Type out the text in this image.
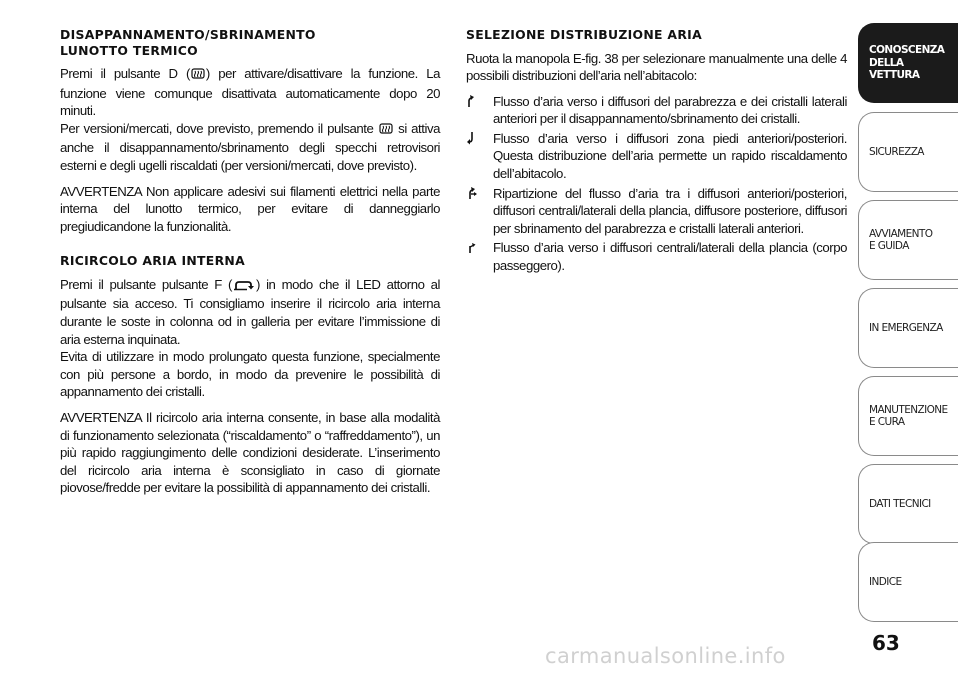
DISAPPANNAMENTO/SBRINAMENTO
LUNOTTO TERMICO

Premi il pulsante D ( ) per attivare/disattivare la funzione. La funzione viene comunque disattivata automaticamente dopo 20 minuti.
Per versioni/mercati, dove previsto, premendo il pulsante si attiva anche il disappannamento/sbrinamento degli specchi retrovisori esterni e degli ugelli riscaldati (per versioni/mercati, dove previsto).

AVVERTENZA Non applicare adesivi sui filamenti elettrici nella parte interna del lunotto termico, per evitare di danneggiarlo pregiudicandone la funzionalità.

RICIRCOLO ARIA INTERNA

Premi il pulsante pulsante F ( ) in modo che il LED attorno al pulsante sia acceso. Ti consigliamo inserire il ricircolo aria interna durante le soste in colonna od in galleria per evitare l’immissione di aria esterna inquinata.
Evita di utilizzare in modo prolungato questa funzione, specialmente con più persone a bordo, in modo da prevenire le possibilità di appannamento dei cristalli.

AVVERTENZA Il ricircolo aria interna consente, in base alla modalità di funzionamento selezionata (“riscaldamento” o “raffreddamento”), un più rapido raggiungimento delle condizioni desiderate. L’inserimento del ricircolo aria interna è sconsigliato in caso di giornate piovose/fredde per evitare la possibilità di appannamento dei cristalli.

SELEZIONE DISTRIBUZIONE ARIA

Ruota la manopola E-fig. 38 per selezionare manualmente una delle 4 possibili distribuzioni dell’aria nell’abitacolo:

Flusso d’aria verso i diffusori del parabrezza e dei cristalli laterali anteriori per il disappannamento/sbrinamento dei cristalli.
Flusso d’aria verso i diffusori zona piedi anteriori/posteriori. Questa distribuzione dell’aria permette un rapido riscaldamento dell’abitacolo.
Ripartizione del flusso d’aria tra i diffusori anteriori/posteriori, diffusori centrali/laterali della plancia, diffusore posteriore, diffusori per sbrinamento del parabrezza e cristalli laterali anteriori.
Flusso d’aria verso i diffusori centrali/laterali della plancia (corpo passeggero).
CONOSCENZA
DELLA
VETTURA
SICUREZZA
AVVIAMENTO
E GUIDA
IN EMERGENZA
MANUTENZIONE
E CURA
DATI TECNICI
INDICE
63
carmanualsonline.info
